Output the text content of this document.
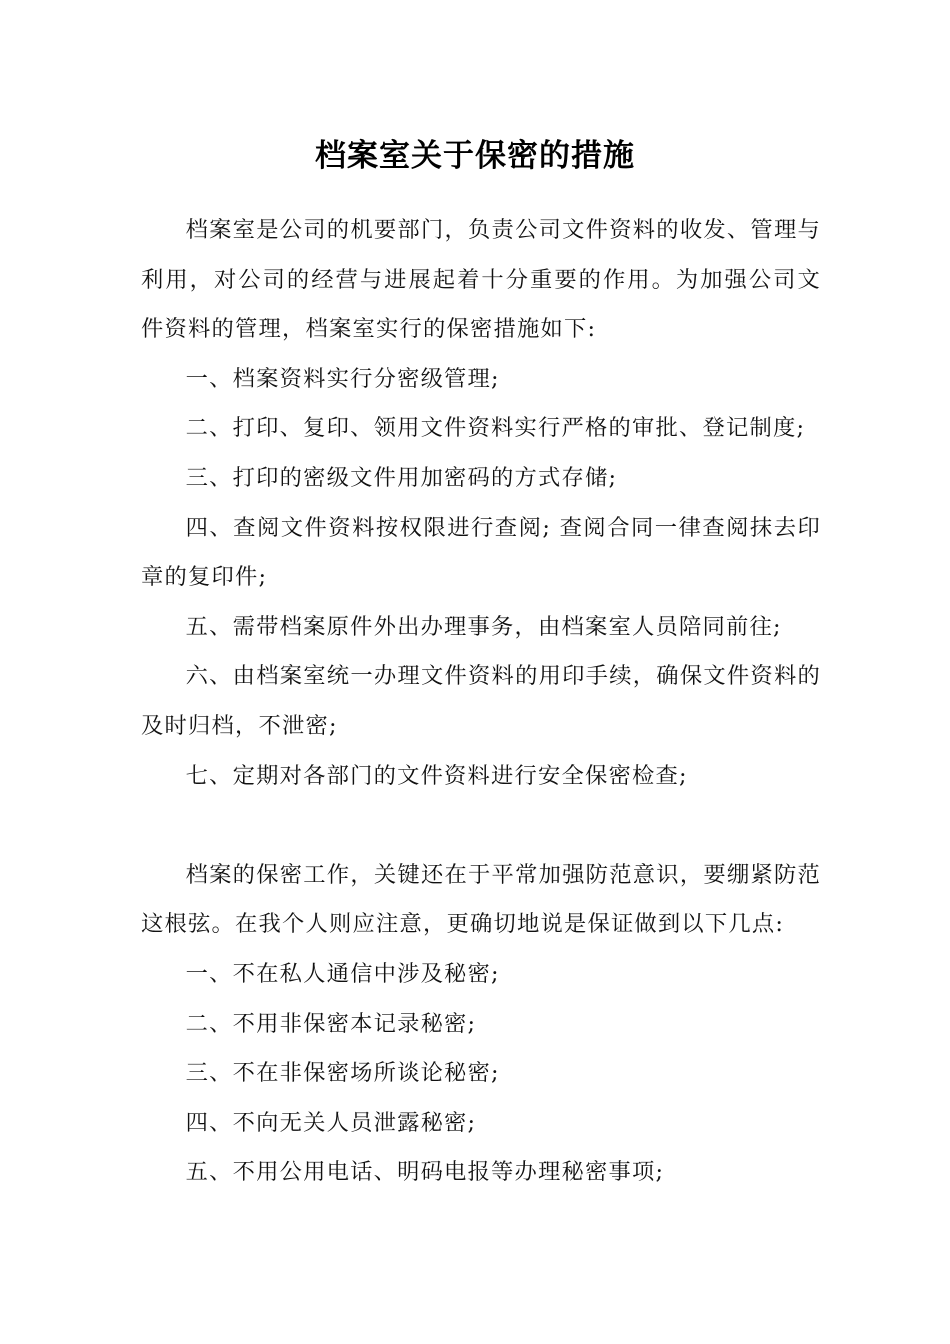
档案室关于保密的措施

档案室是公司的机要部门，负责公司文件资料的收发、管理与利用，对公司的经营与进展起着十分重要的作用。为加强公司文件资料的管理，档案室实行的保密措施如下:

一、档案资料实行分密级管理;

二、打印、复印、领用文件资料实行严格的审批、登记制度;

三、打印的密级文件用加密码的方式存储;

四、查阅文件资料按权限进行查阅; 查阅合同一律查阅抹去印章的复印件;

五、需带档案原件外出办理事务，由档案室人员陪同前往;

六、由档案室统一办理文件资料的用印手续，确保文件资料的及时归档，不泄密;

七、定期对各部门的文件资料进行安全保密检查;

档案的保密工作，关键还在于平常加强防范意识，要绷紧防范这根弦。在我个人则应注意，更确切地说是保证做到以下几点:

一、不在私人通信中涉及秘密;

二、不用非保密本记录秘密;

三、不在非保密场所谈论秘密;

四、不向无关人员泄露秘密;

五、不用公用电话、明码电报等办理秘密事项;
